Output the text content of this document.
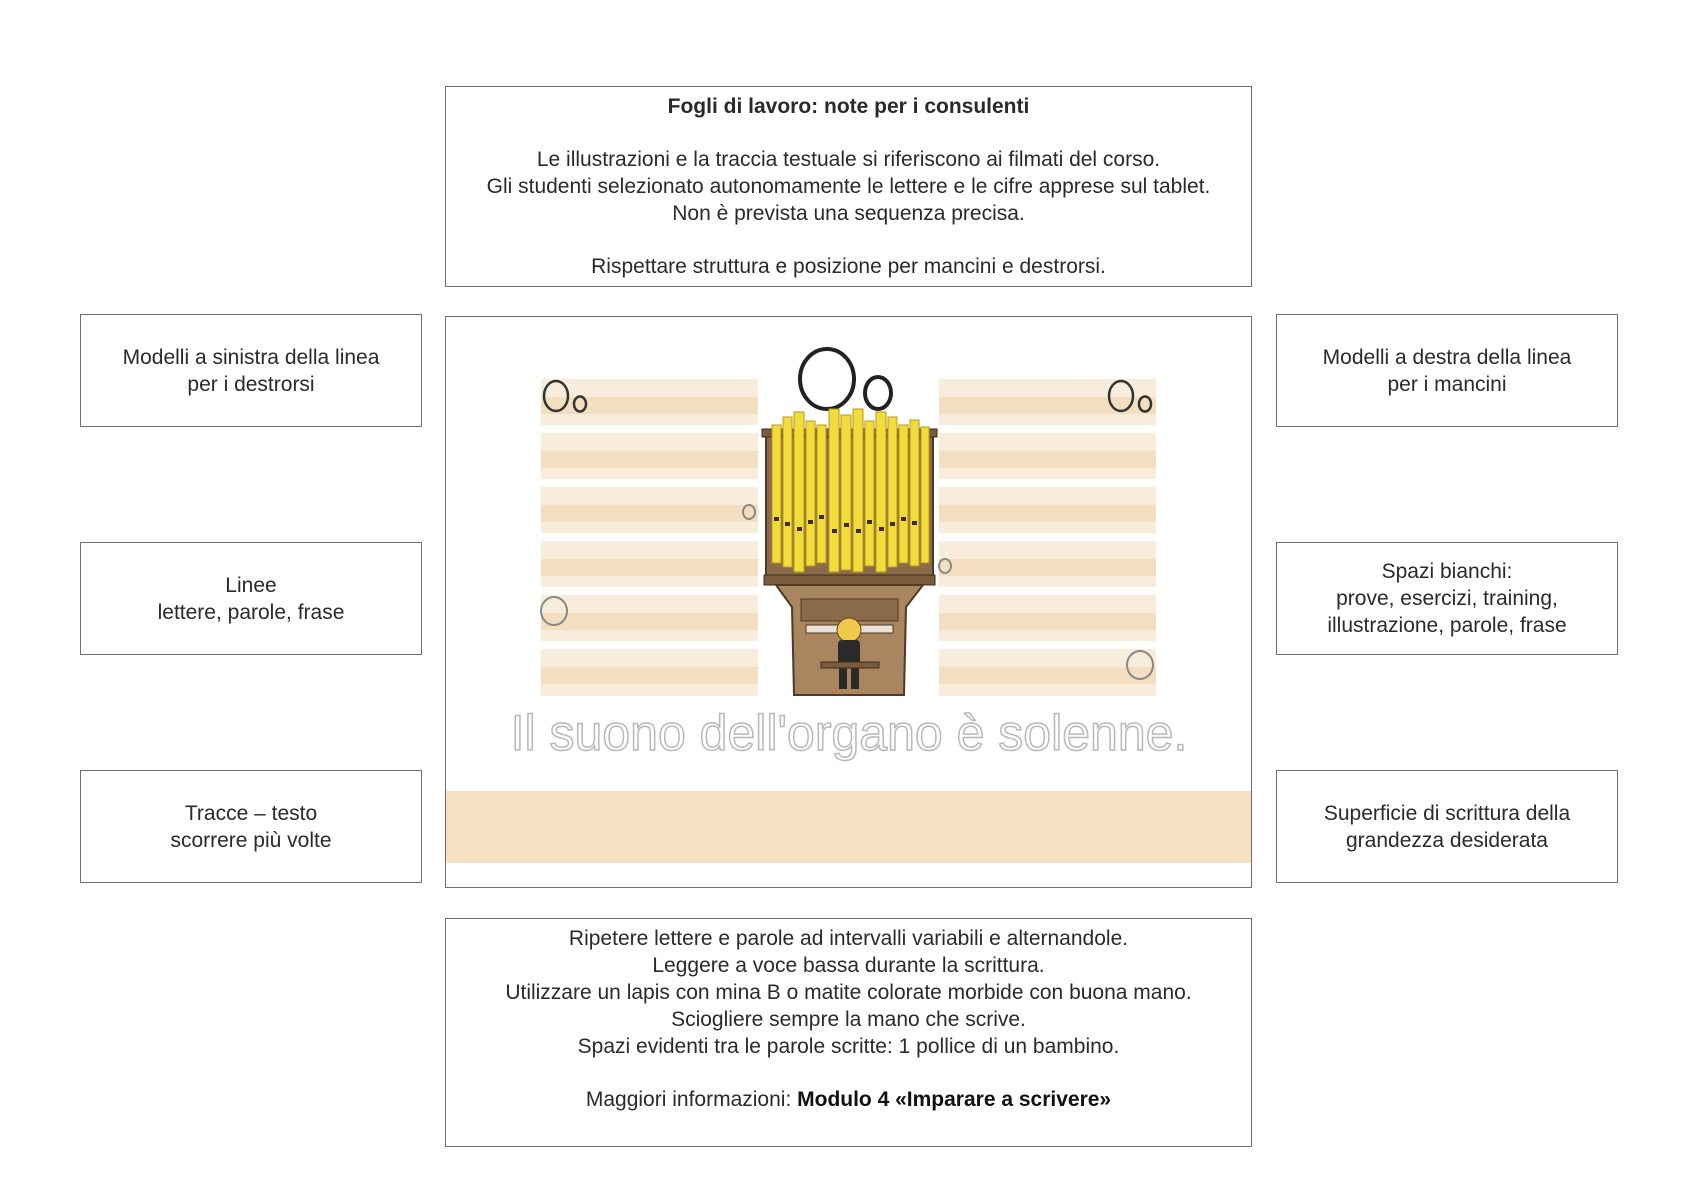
Fogli di lavoro: note per i consulenti
Le illustrazioni e la traccia testuale si riferiscono ai filmati del corso.
Gli studenti selezionato autonomamente le lettere e le cifre apprese sul tablet.
Non è prevista una sequenza precisa.
Rispettare struttura e posizione per mancini e destrorsi.
Modelli a sinistra della linea
per i destrorsi
Linee
lettere, parole, frase
Tracce – testo
scorrere più volte
Modelli a destra della linea
per i mancini
Spazi bianchi:
prove, esercizi, training,
illustrazione, parole, frase
Superficie di scrittura della
grandezza desiderata
Il suono dell'organo è solenne.
Ripetere lettere e parole ad intervalli variabili e alternandole.
Leggere a voce bassa durante la scrittura.
Utilizzare un lapis con mina B o matite colorate morbide con buona mano.
Sciogliere sempre la mano che scrive.
Spazi evidenti tra le parole scritte: 1 pollice di un bambino.
Maggiori informazioni: Modulo 4 «Imparare a scrivere»
